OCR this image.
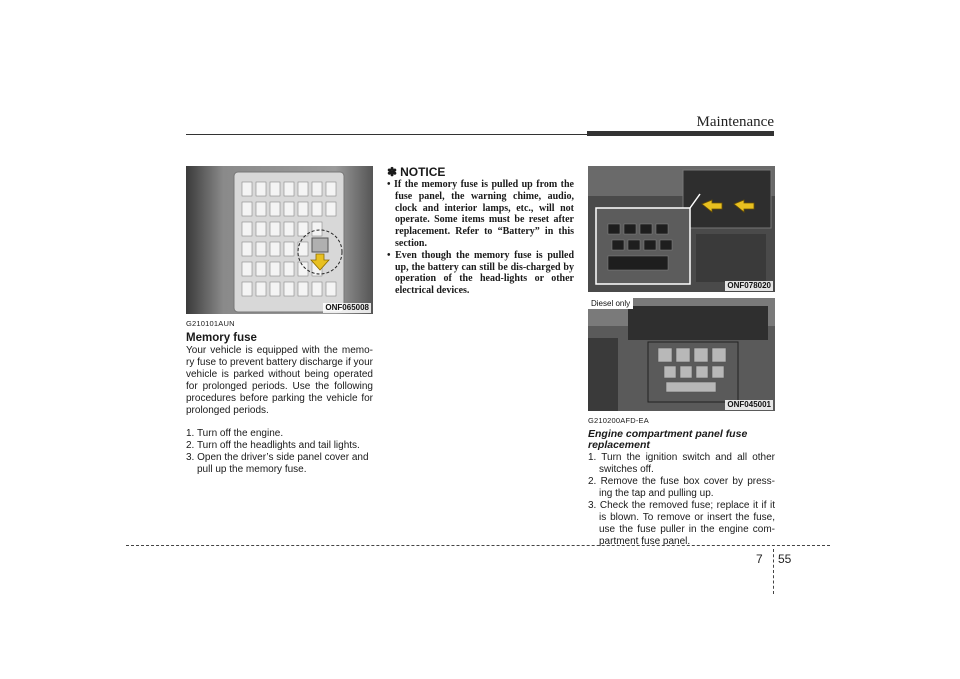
Maintenance
ONF065008
G210101AUN
Memory fuse

Your vehicle is equipped with the memo-ry fuse to prevent battery discharge if your vehicle is parked without being operated for prolonged periods. Use the following procedures before parking the vehicle for prolonged periods.

1. Turn off the engine.
2. Turn off the headlights and tail lights.
3. Open the driver’s side panel cover and pull up the memory fuse.
✽ NOTICE
• If the memory fuse is pulled up from the fuse panel, the warning chime, audio, clock and interior lamps, etc., will not operate. Some items must be reset after replacement. Refer to “Battery” in this section.
• Even though the memory fuse is pulled up, the battery can still be dis-charged by operation of the head-lights or other electrical devices.	ONF078020
Diesel only
ONF045001
G210200AFD-EA
Engine compartment panel fuse replacement
1. Turn the ignition switch and all other switches off.
2. Remove the fuse box cover by press-ing the tap and pulling up.
3. Check the removed fuse; replace it if it is blown. To remove or insert the fuse, use the fuse puller in the engine com-partment fuse panel.
7 55
